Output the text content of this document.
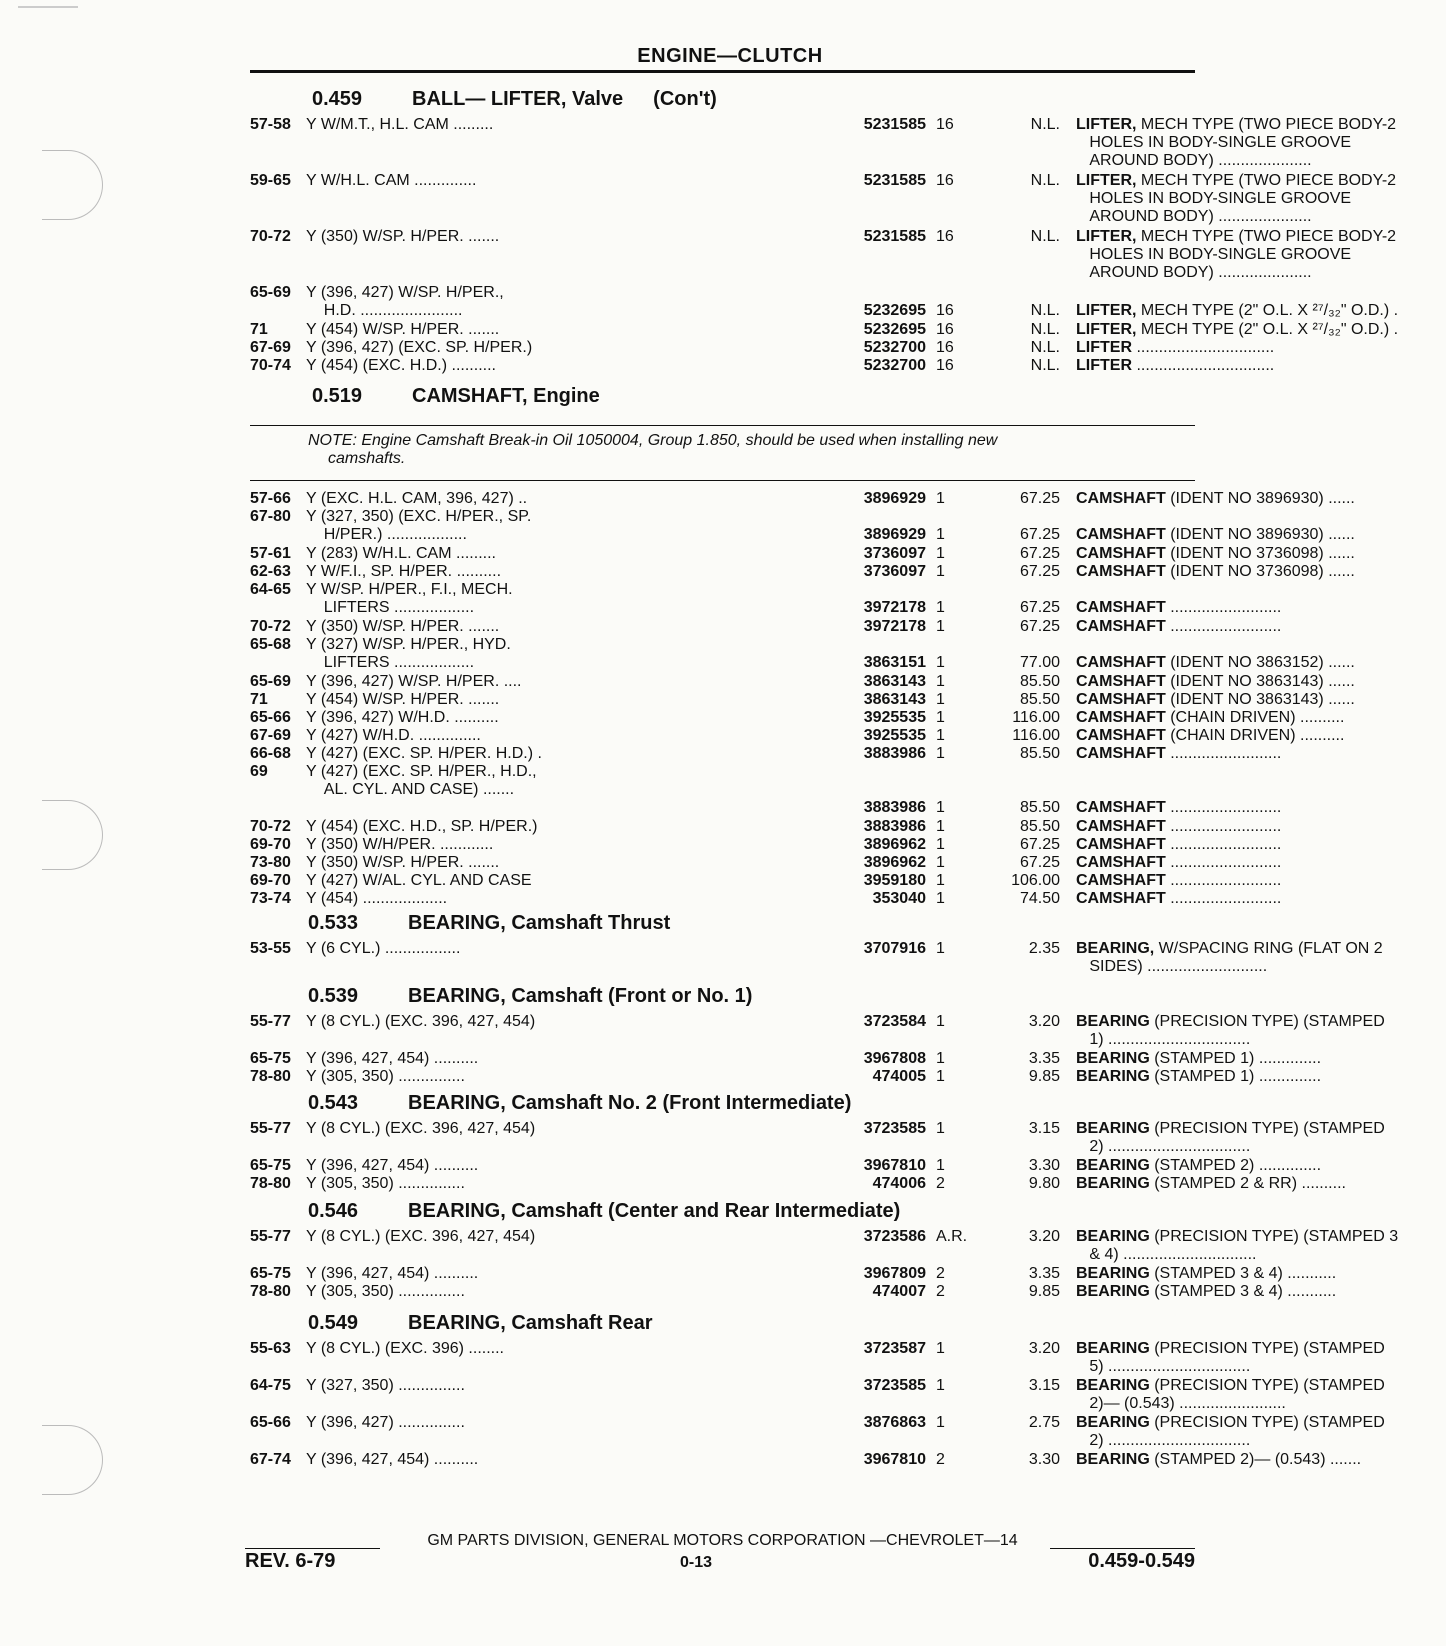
ENGINE—CLUTCH
0.459 BALL— LIFTER, Valve (Con't)
57-58 Y W/M.T., H.L. CAM .........	5231585 16	N.L. LIFTER, MECH TYPE (TWO PIECE BODY-2
HOLES IN BODY-SINGLE GROOVE
AROUND BODY) .....................
59-65 Y W/H.L. CAM ..............	5231585 16	N.L. LIFTER, MECH TYPE (TWO PIECE BODY-2
HOLES IN BODY-SINGLE GROOVE
AROUND BODY) .....................
70-72 Y (350) W/SP. H/PER. .......	5231585 16	N.L. LIFTER, MECH TYPE (TWO PIECE BODY-2
HOLES IN BODY-SINGLE GROOVE
AROUND BODY) .....................
65-69 Y (396, 427) W/SP. H/PER.,
H.D. .......................	5232695 16	N.L. LIFTER, MECH TYPE (2" O.L. X ²⁷/₃₂" O.D.) .
71	Y (454) W/SP. H/PER. .......	5232695 16	N.L. LIFTER, MECH TYPE (2" O.L. X ²⁷/₃₂" O.D.) .
67-69 Y (396, 427) (EXC. SP. H/PER.)	5232700 16	N.L. LIFTER ...............................
70-74 Y (454) (EXC. H.D.) ..........	5232700 16	N.L. LIFTER ...............................
0.519 CAMSHAFT, Engine
NOTE: Engine Camshaft Break-in Oil 1050004, Group 1.850, should be used when installing new
camshafts.
57-66 Y (EXC. H.L. CAM, 396, 427) ..	3896929 1	67.25 CAMSHAFT (IDENT NO 3896930) ......
67-80 Y (327, 350) (EXC. H/PER., SP.
H/PER.) ..................	3896929 1	67.25 CAMSHAFT (IDENT NO 3896930) ......
57-61 Y (283) W/H.L. CAM .........	3736097 1	67.25 CAMSHAFT (IDENT NO 3736098) ......
62-63 Y W/F.I., SP. H/PER. ..........	3736097 1	67.25 CAMSHAFT (IDENT NO 3736098) ......
64-65 Y W/SP. H/PER., F.I., MECH.
LIFTERS ..................	3972178 1	67.25 CAMSHAFT .........................
70-72 Y (350) W/SP. H/PER. .......	3972178 1	67.25 CAMSHAFT .........................
65-68 Y (327) W/SP. H/PER., HYD.
LIFTERS ..................	3863151 1	77.00 CAMSHAFT (IDENT NO 3863152) ......
65-69 Y (396, 427) W/SP. H/PER. ....	3863143 1	85.50 CAMSHAFT (IDENT NO 3863143) ......
71	Y (454) W/SP. H/PER. .......	3863143 1	85.50 CAMSHAFT (IDENT NO 3863143) ......
65-66 Y (396, 427) W/H.D. ..........	3925535 1	116.00 CAMSHAFT (CHAIN DRIVEN) ..........
67-69 Y (427) W/H.D. ..............	3925535 1	116.00 CAMSHAFT (CHAIN DRIVEN) ..........
66-68 Y (427) (EXC. SP. H/PER. H.D.) .	3883986 1	85.50 CAMSHAFT .........................
69	Y (427) (EXC. SP. H/PER., H.D.,
AL. CYL. AND CASE) .......
3883986 1	85.50 CAMSHAFT .........................
70-72 Y (454) (EXC. H.D., SP. H/PER.)	3883986 1	85.50 CAMSHAFT .........................
69-70 Y (350) W/H/PER. ............	3896962 1	67.25 CAMSHAFT .........................
73-80 Y (350) W/SP. H/PER. .......	3896962 1	67.25 CAMSHAFT .........................
69-70 Y (427) W/AL. CYL. AND CASE	3959180 1	106.00 CAMSHAFT .........................
73-74 Y (454) ...................	353040 1	74.50 CAMSHAFT .........................
0.533 BEARING, Camshaft Thrust
53-55 Y (6 CYL.) .................	3707916 1	2.35 BEARING, W/SPACING RING (FLAT ON 2
SIDES) ...........................
0.539 BEARING, Camshaft (Front or No. 1)
55-77 Y (8 CYL.) (EXC. 396, 427, 454)	3723584 1	3.20 BEARING (PRECISION TYPE) (STAMPED
1) ................................
65-75 Y (396, 427, 454) ..........	3967808 1	3.35 BEARING (STAMPED 1) ..............
78-80 Y (305, 350) ...............	474005 1	9.85 BEARING (STAMPED 1) ..............
0.543 BEARING, Camshaft No. 2 (Front Intermediate)
55-77 Y (8 CYL.) (EXC. 396, 427, 454)	3723585 1	3.15 BEARING (PRECISION TYPE) (STAMPED
2) ................................
65-75 Y (396, 427, 454) ..........	3967810 1	3.30 BEARING (STAMPED 2) ..............
78-80 Y (305, 350) ...............	474006 2	9.80 BEARING (STAMPED 2 & RR) ..........
0.546 BEARING, Camshaft (Center and Rear Intermediate)
55-77 Y (8 CYL.) (EXC. 396, 427, 454)	3723586 A.R.	3.20 BEARING (PRECISION TYPE) (STAMPED 3
& 4) ..............................
65-75 Y (396, 427, 454) ..........	3967809 2	3.35 BEARING (STAMPED 3 & 4) ...........
78-80 Y (305, 350) ...............	474007 2	9.85 BEARING (STAMPED 3 & 4) ...........
0.549 BEARING, Camshaft Rear
55-63 Y (8 CYL.) (EXC. 396) ........	3723587 1	3.20 BEARING (PRECISION TYPE) (STAMPED
5) ................................
64-75 Y (327, 350) ...............	3723585 1	3.15 BEARING (PRECISION TYPE) (STAMPED
2)— (0.543) ........................
65-66 Y (396, 427) ...............	3876863 1	2.75 BEARING (PRECISION TYPE) (STAMPED
2) ................................
67-74 Y (396, 427, 454) ..........	3967810 2	3.30 BEARING (STAMPED 2)— (0.543) .......
GM PARTS DIVISION, GENERAL MOTORS CORPORATION —CHEVROLET—14
REV. 6-79	0-13	0.459-0.549
